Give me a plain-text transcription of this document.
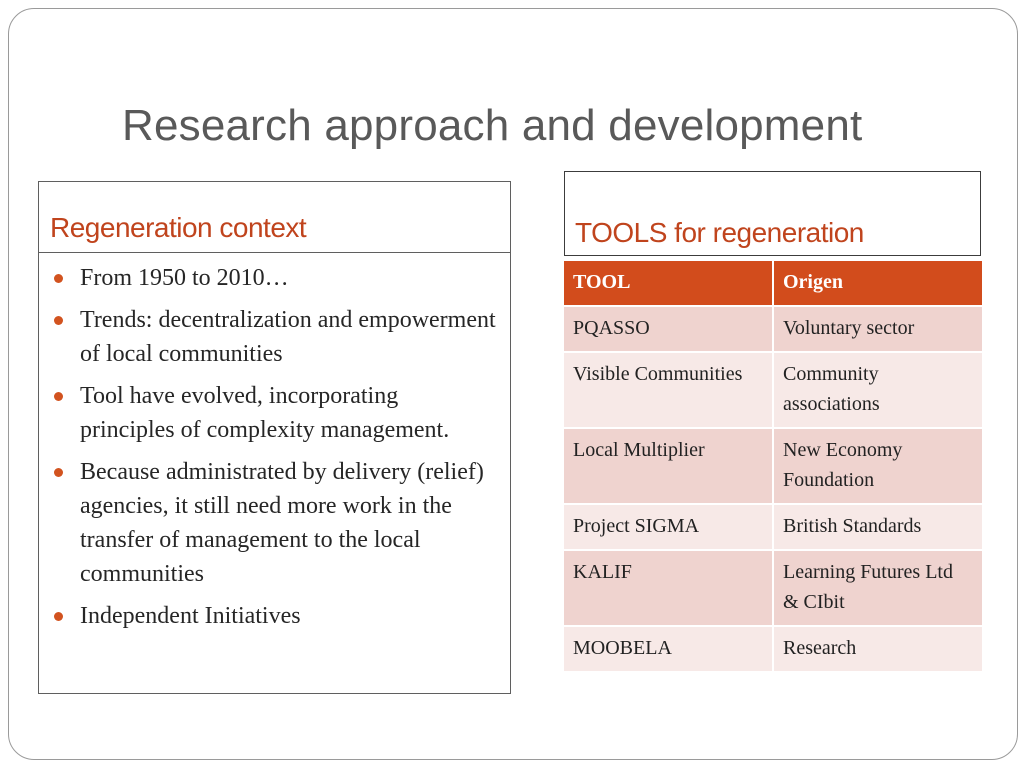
Research approach and development
Regeneration context
From 1950 to 2010…
Trends: decentralization and empowerment of local communities
Tool have evolved, incorporating principles of complexity management.
Because administrated by delivery (relief) agencies, it still need more work in the transfer of management to the local communities
Independent Initiatives
TOOLS for regeneration
TOOL	Origen
PQASSO	Voluntary sector
Visible Communities	Community associations
Local Multiplier	New Economy Foundation
Project SIGMA	British Standards
KALIF	Learning Futures Ltd & CIbit
MOOBELA	Research
